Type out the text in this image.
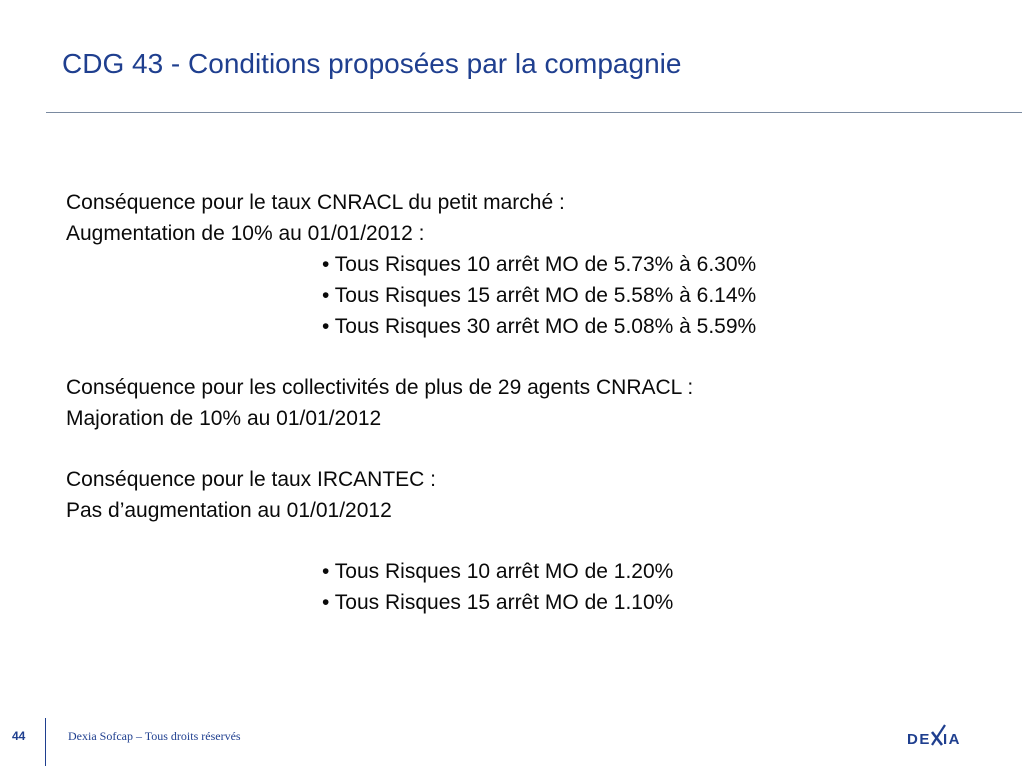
CDG 43 - Conditions proposées par la compagnie
Conséquence pour le taux CNRACL du petit marché :
Augmentation de 10% au 01/01/2012 :
• Tous Risques 10 arrêt MO de 5.73% à 6.30%
• Tous Risques 15 arrêt MO de 5.58% à 6.14%
• Tous Risques 30 arrêt MO de 5.08% à 5.59%
Conséquence pour les collectivités de plus de 29 agents CNRACL :
Majoration de 10% au 01/01/2012
Conséquence pour le taux IRCANTEC :
Pas d’augmentation au 01/01/2012
• Tous Risques 10 arrêt MO de 1.20%
• Tous Risques 15 arrêt MO de 1.10%
44	Dexia Sofcap – Tous droits réservés	DE IA
